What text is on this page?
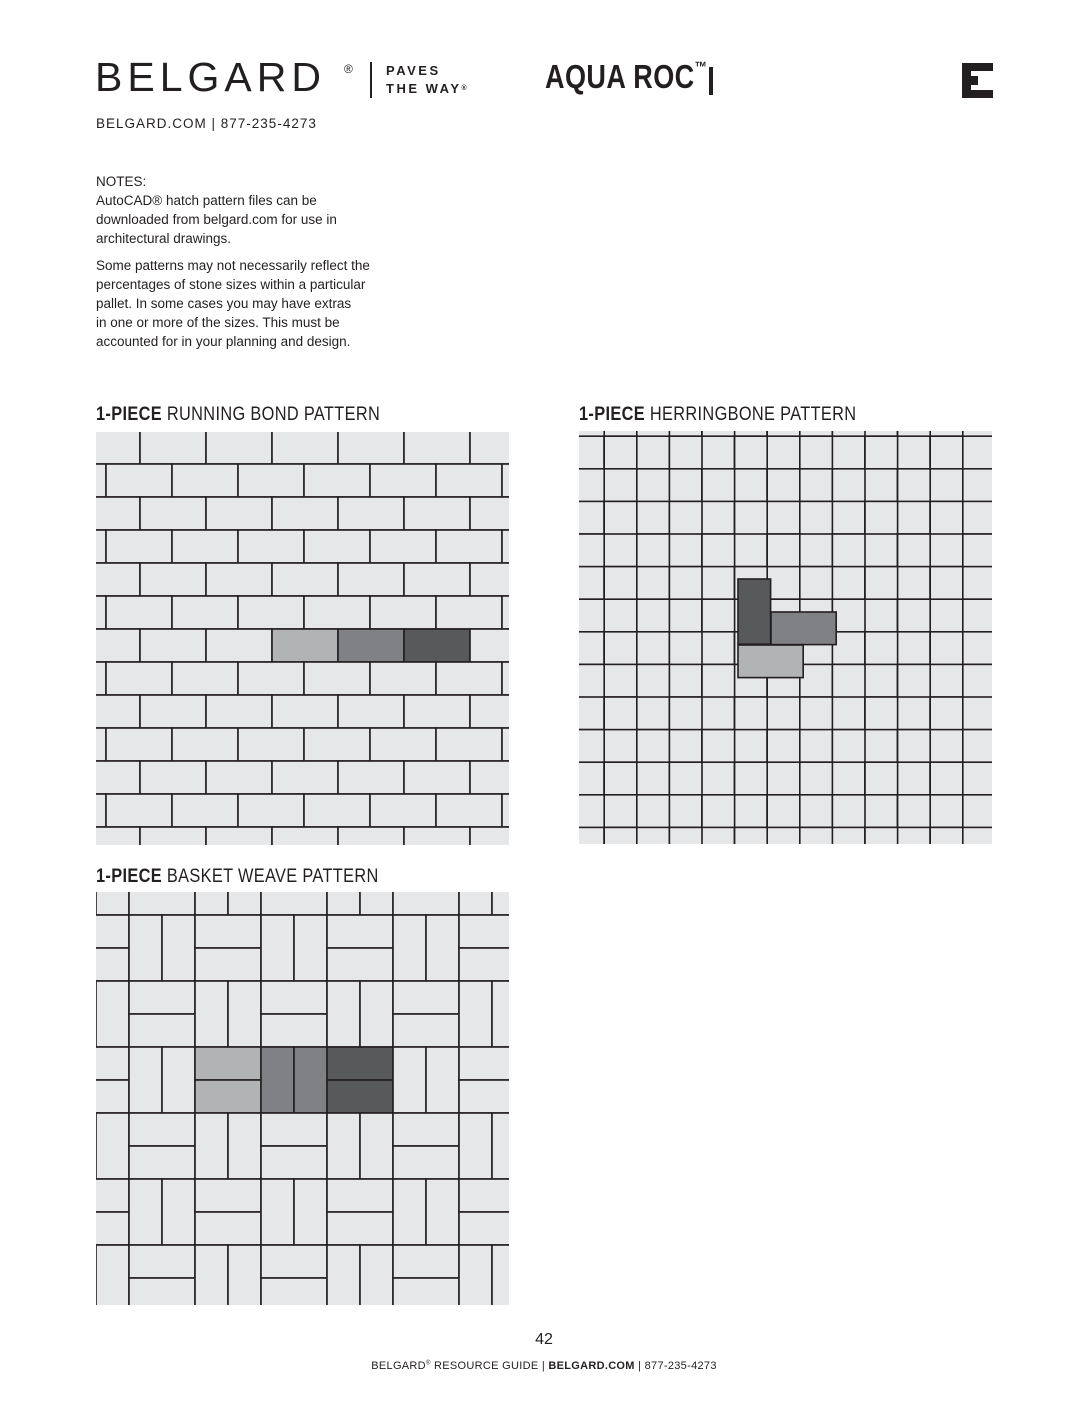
BELGARD ®	PAVES
THE WAY®
BELGARD.COM | 877-235-4273
AQUA ROC™

NOTES:

AutoCAD® hatch pattern files can be

downloaded from belgard.com for use in

architectural drawings.

Some patterns may not necessarily reflect the

percentages of stone sizes within a particular

pallet. In some cases you may have extras

in one or more of the sizes. This must be

accounted for in your planning and design.

1-PIECE RUNNING BOND PATTERN	1-PIECE HERRINGBONE PATTERN
1-PIECE BASKET WEAVE PATTERN
42
BELGARD® RESOURCE GUIDE | BELGARD.COM | 877-235-4273
